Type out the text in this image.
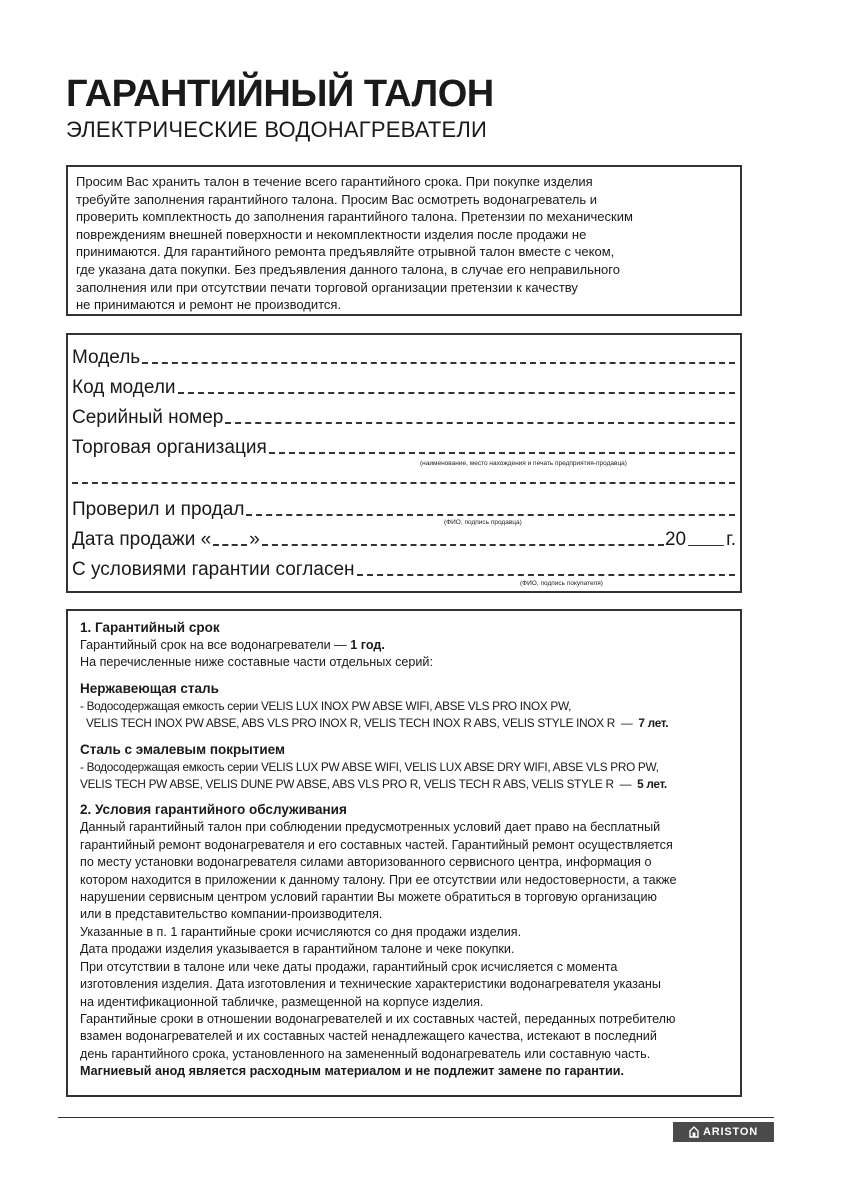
ГАРАНТИЙНЫЙ ТАЛОН
ЭЛЕКТРИЧЕСКИЕ ВОДОНАГРЕВАТЕЛИ

Просим Вас хранить талон в течение всего гарантийного срока. При покупке изделия
требуйте заполнения гарантийного талона. Просим Вас осмотреть водонагреватель и
проверить комплектность до заполнения гарантийного талона. Претензии по механическим
повреждениям внешней поверхности и некомплектности изделия после продажи не
принимаются. Для гарантийного ремонта предъявляйте отрывной талон вместе с чеком,
где указана дата покупки. Без предъявления данного талона, в случае его неправильного
заполнения или при отсутствии печати торговой организации претензии к качеству
не принимаются и ремонт не производится.

Модель
Код модели
Серийный номер
Торговая организация
(наименование, место нахождения и печать предприятия-продавца)
Проверил и продал
(ФИО, подпись продавца)
Дата продажи « »	20 г.
С условиями гарантии согласен
(ФИО, подпись покупателя)

1. Гарантийный срок

Гарантийный срок на все водонагреватели — 1 год.

На перечисленные ниже составные части отдельных серий:

Нержавеющая сталь

- Водосодержащая емкость серии VELIS LUX INOX PW ABSE WIFI, ABSE VLS PRO INOX PW,

VELIS TECH INOX PW ABSE, ABS VLS PRO INOX R, VELIS TECH INOX R ABS, VELIS STYLE INOX R  —  7 лет.

Сталь с эмалевым покрытием

- Водосодержащая емкость серии VELIS LUX PW ABSE WIFI, VELIS LUX ABSE DRY WIFI, ABSE VLS PRO PW,

VELIS TECH PW ABSE, VELIS DUNE PW ABSE, ABS VLS PRO R, VELIS TECH R ABS, VELIS STYLE R  —  5 лет.

2. Условия гарантийного обслуживания

Данный гарантийный талон при соблюдении предусмотренных условий дает право на бесплатный

гарантийный ремонт водонагревателя и его составных частей. Гарантийный ремонт осуществляется

по месту установки водонагревателя силами авторизованного сервисного центра, информация о

котором находится в приложении к данному талону. При ее отсутствии или недостоверности, а также

нарушении сервисным центром условий гарантии Вы можете обратиться в торговую организацию

или в представительство компании-производителя.

Указанные в п. 1 гарантийные сроки исчисляются со дня продажи изделия.

Дата продажи изделия указывается в гарантийном талоне и чеке покупки.

При отсутствии в талоне или чеке даты продажи, гарантийный срок исчисляется с момента

изготовления изделия. Дата изготовления и технические характеристики водонагревателя указаны

на идентификационной табличке, размещенной на корпусе изделия.

Гарантийные сроки в отношении водонагревателей и их составных частей, переданных потребителю

взамен водонагревателей и их составных частей ненадлежащего качества, истекают в последний

день гарантийного срока, установленного на замененный водонагреватель или составную часть.

Магниевый анод является расходным материалом и не подлежит замене по гарантии.

ARISTON
